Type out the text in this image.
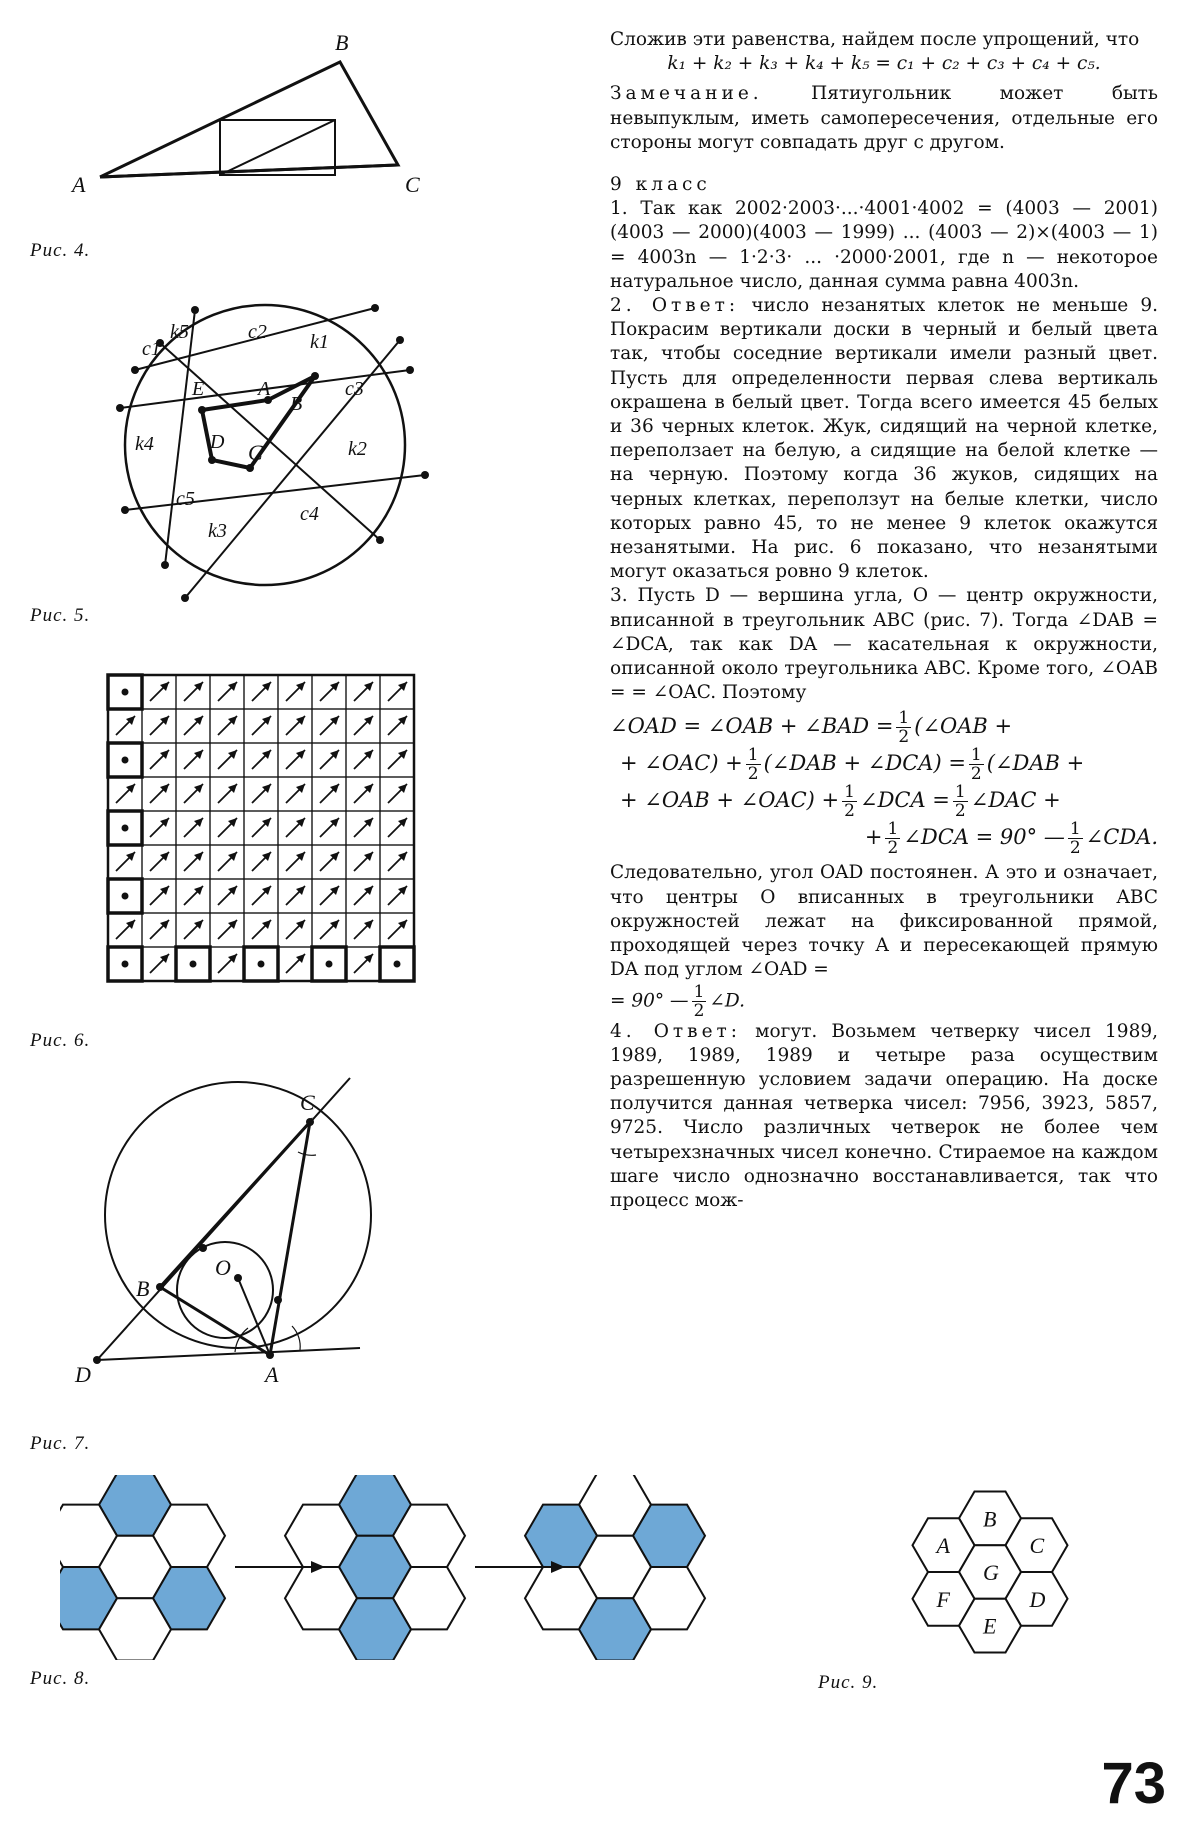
A
B
C
Рис. 4.
c1
k5	c2 k1
E	A
B
c3
k4	D C	k2
c5
c4
k3
Рис. 5.
Рис. 6.
C
B
O
D	A
Рис. 7.
Рис. 8.
B
A	C
G
F	D
E
Рис. 9.

Сложив эти равенства, найдем после упрощений, что

k₁ + k₂ + k₃ + k₄ + k₅ = c₁ + c₂ + c₃ + c₄ + c₅.

Замечание.	Пятиугольник может быть невыпуклым, иметь самопересечения, отдельные его стороны могут совпадать друг с другом.

9 класс

1. Так как 2002·2003·...·4001·4002 = (4003 — 2001)(4003 — 2000)(4003 — 1999) ... (4003 — 2)×(4003 — 1) = 4003n — 1·2·3· ... ·2000·2001, где n — некоторое натуральное число, данная сумма равна 4003n.

2. Ответ: число незанятых клеток не меньше 9. Покрасим вертикали доски в черный и белый цвета так, чтобы соседние вертикали имели разный цвет. Пусть для определенности первая слева вертикаль окрашена в белый цвет. Тогда всего имеется 45 белых и 36 черных клеток. Жук, сидящий на черной клетке, переползает на белую, а сидящие на белой клетке — на черную. Поэтому когда 36 жуков, сидящих на черных клетках, переползут на белые клетки, число которых равно 45, то не менее 9 клеток окажутся незанятыми. На рис. 6 показано, что незанятыми могут оказаться ровно 9 клеток.

3. Пусть D — вершина угла, O — центр окружности, вписанной в треугольник ABC (рис. 7). Тогда ∠DAB = ∠DCA, так как DA — касательная к окружности, описанной около треугольника ABC. Кроме того, ∠OAB = = ∠OAC. Поэтому

∠OAD = ∠OAB + ∠BAD = $\frac{1}{2}$ (∠OAB +
+ ∠OAC) + $\frac{1}{2}$ (∠DAB + ∠DCA) = $\frac{1}{2}$ (∠DAB +
+ ∠OAB + ∠OAC) + $\frac{1}{2}$ ∠DCA = $\frac{1}{2}$ ∠DAC +
+ $\frac{1}{2}$ ∠DCA = 90° — $\frac{1}{2}$ ∠CDA.

Следовательно, угол OAD постоянен. А это и означает, что центры O вписанных в треугольники ABC окружностей лежат на фиксированной прямой, проходящей через точку A и пересекающей прямую DA под углом ∠OAD =

= 90° — $\frac{1}{2}$ ∠D.

4. Ответ: могут. Возьмем четверку чисел 1989, 1989, 1989, 1989 и четыре раза осуществим разрешенную условием задачи операцию. На доске получится данная четверка чисел: 7956, 3923, 5857, 9725. Число различных четверок не более чем четырехзначных чисел конечно. Стираемое на каждом шаге число однозначно восстанавливается, так что процесс мож-

73
